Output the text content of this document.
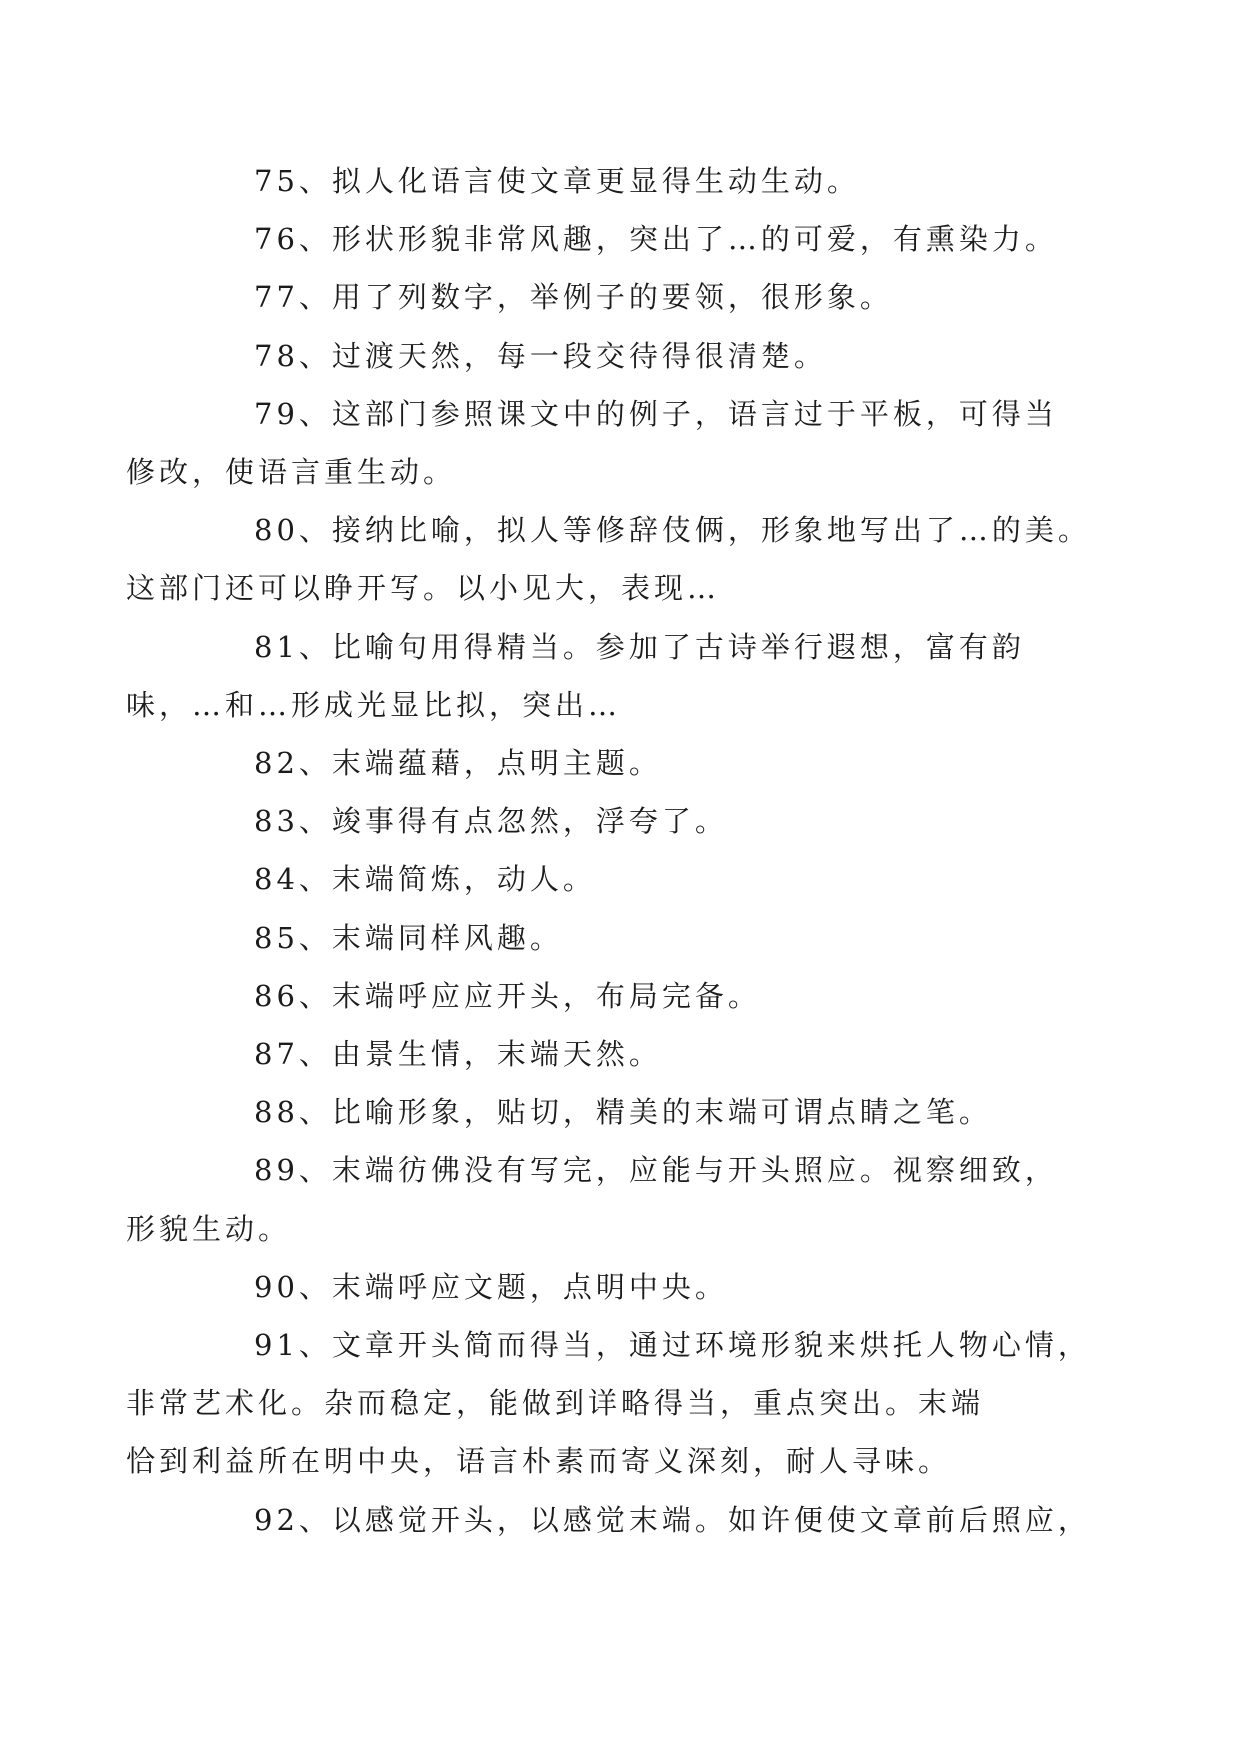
75、拟人化语言使文章更显得生动生动。

76、形状形貌非常风趣，突出了…的可爱，有熏染力。

77、用了列数字，举例子的要领，很形象。

78、过渡天然，每一段交待得很清楚。

79、这部门参照课文中的例子，语言过于平板，可得当
修改，使语言重生动。

80、接纳比喻，拟人等修辞伎俩，形象地写出了…的美。
这部门还可以睁开写。以小见大，表现…

81、比喻句用得精当。参加了古诗举行遐想，富有韵
味，…和…形成光显比拟，突出…

82、末端蕴藉，点明主题。

83、竣事得有点忽然，浮夸了。

84、末端简炼，动人。

85、末端同样风趣。

86、末端呼应应开头，布局完备。

87、由景生情，末端天然。

88、比喻形象，贴切，精美的末端可谓点睛之笔。

89、末端彷佛没有写完，应能与开头照应。视察细致，
形貌生动。

90、末端呼应文题，点明中央。

91、文章开头简而得当，通过环境形貌来烘托人物心情，
非常艺术化。杂而稳定，能做到详略得当，重点突出。末端
恰到利益所在明中央，语言朴素而寄义深刻，耐人寻味。

92、以感觉开头，以感觉末端。如许便使文章前后照应，
